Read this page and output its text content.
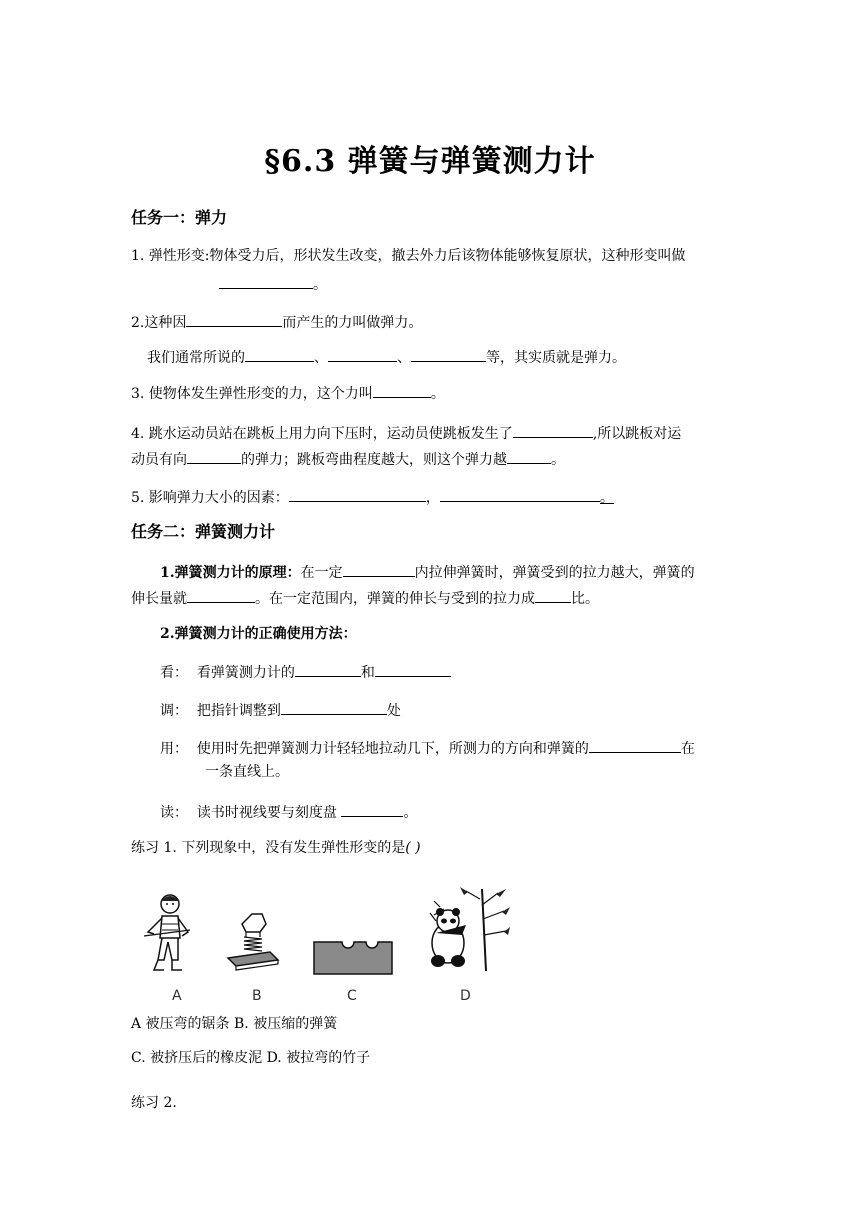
§6.3 弹簧与弹簧测力计
任务一：弹力
1. 弹性形变:物体受力后，形状发生改变，撤去外力后该物体能够恢复原状，这种形变叫做
。
2.这种因	而产生的力叫做弹力。
我们通常所说的	、	、	等，其实质就是弹力。
3. 使物体发生弹性形变的力，这个力叫	。
4. 跳水运动员站在跳板上用力向下压时，运动员使跳板发生了	,所以跳板对运
动员有向	的弹力；跳板弯曲程度越大，则这个弹力越	。
5. 影响弹力大小的因素：	，	。
任务二：弹簧测力计
1.弹簧测力计的原理：在一定	内拉伸弹簧时，弹簧受到的拉力越大，弹簧的
伸长量就	。在一定范围内，弹簧的伸长与受到的拉力成	比。
2.弹簧测力计的正确使用方法：
看： 看弹簧测力计的	和
调： 把指针调整到	处
用： 使用时先把弹簧测力计轻轻地拉动几下，所测力的方向和弹簧的	在
一条直线上。
读： 读书时视线要与刻度盘	。
练习 1. 下列现象中，没有发生弹性形变的是( )
A	B	C	D
A 被压弯的锯条 B. 被压缩的弹簧
C. 被挤压后的橡皮泥 D. 被拉弯的竹子
练习 2.
